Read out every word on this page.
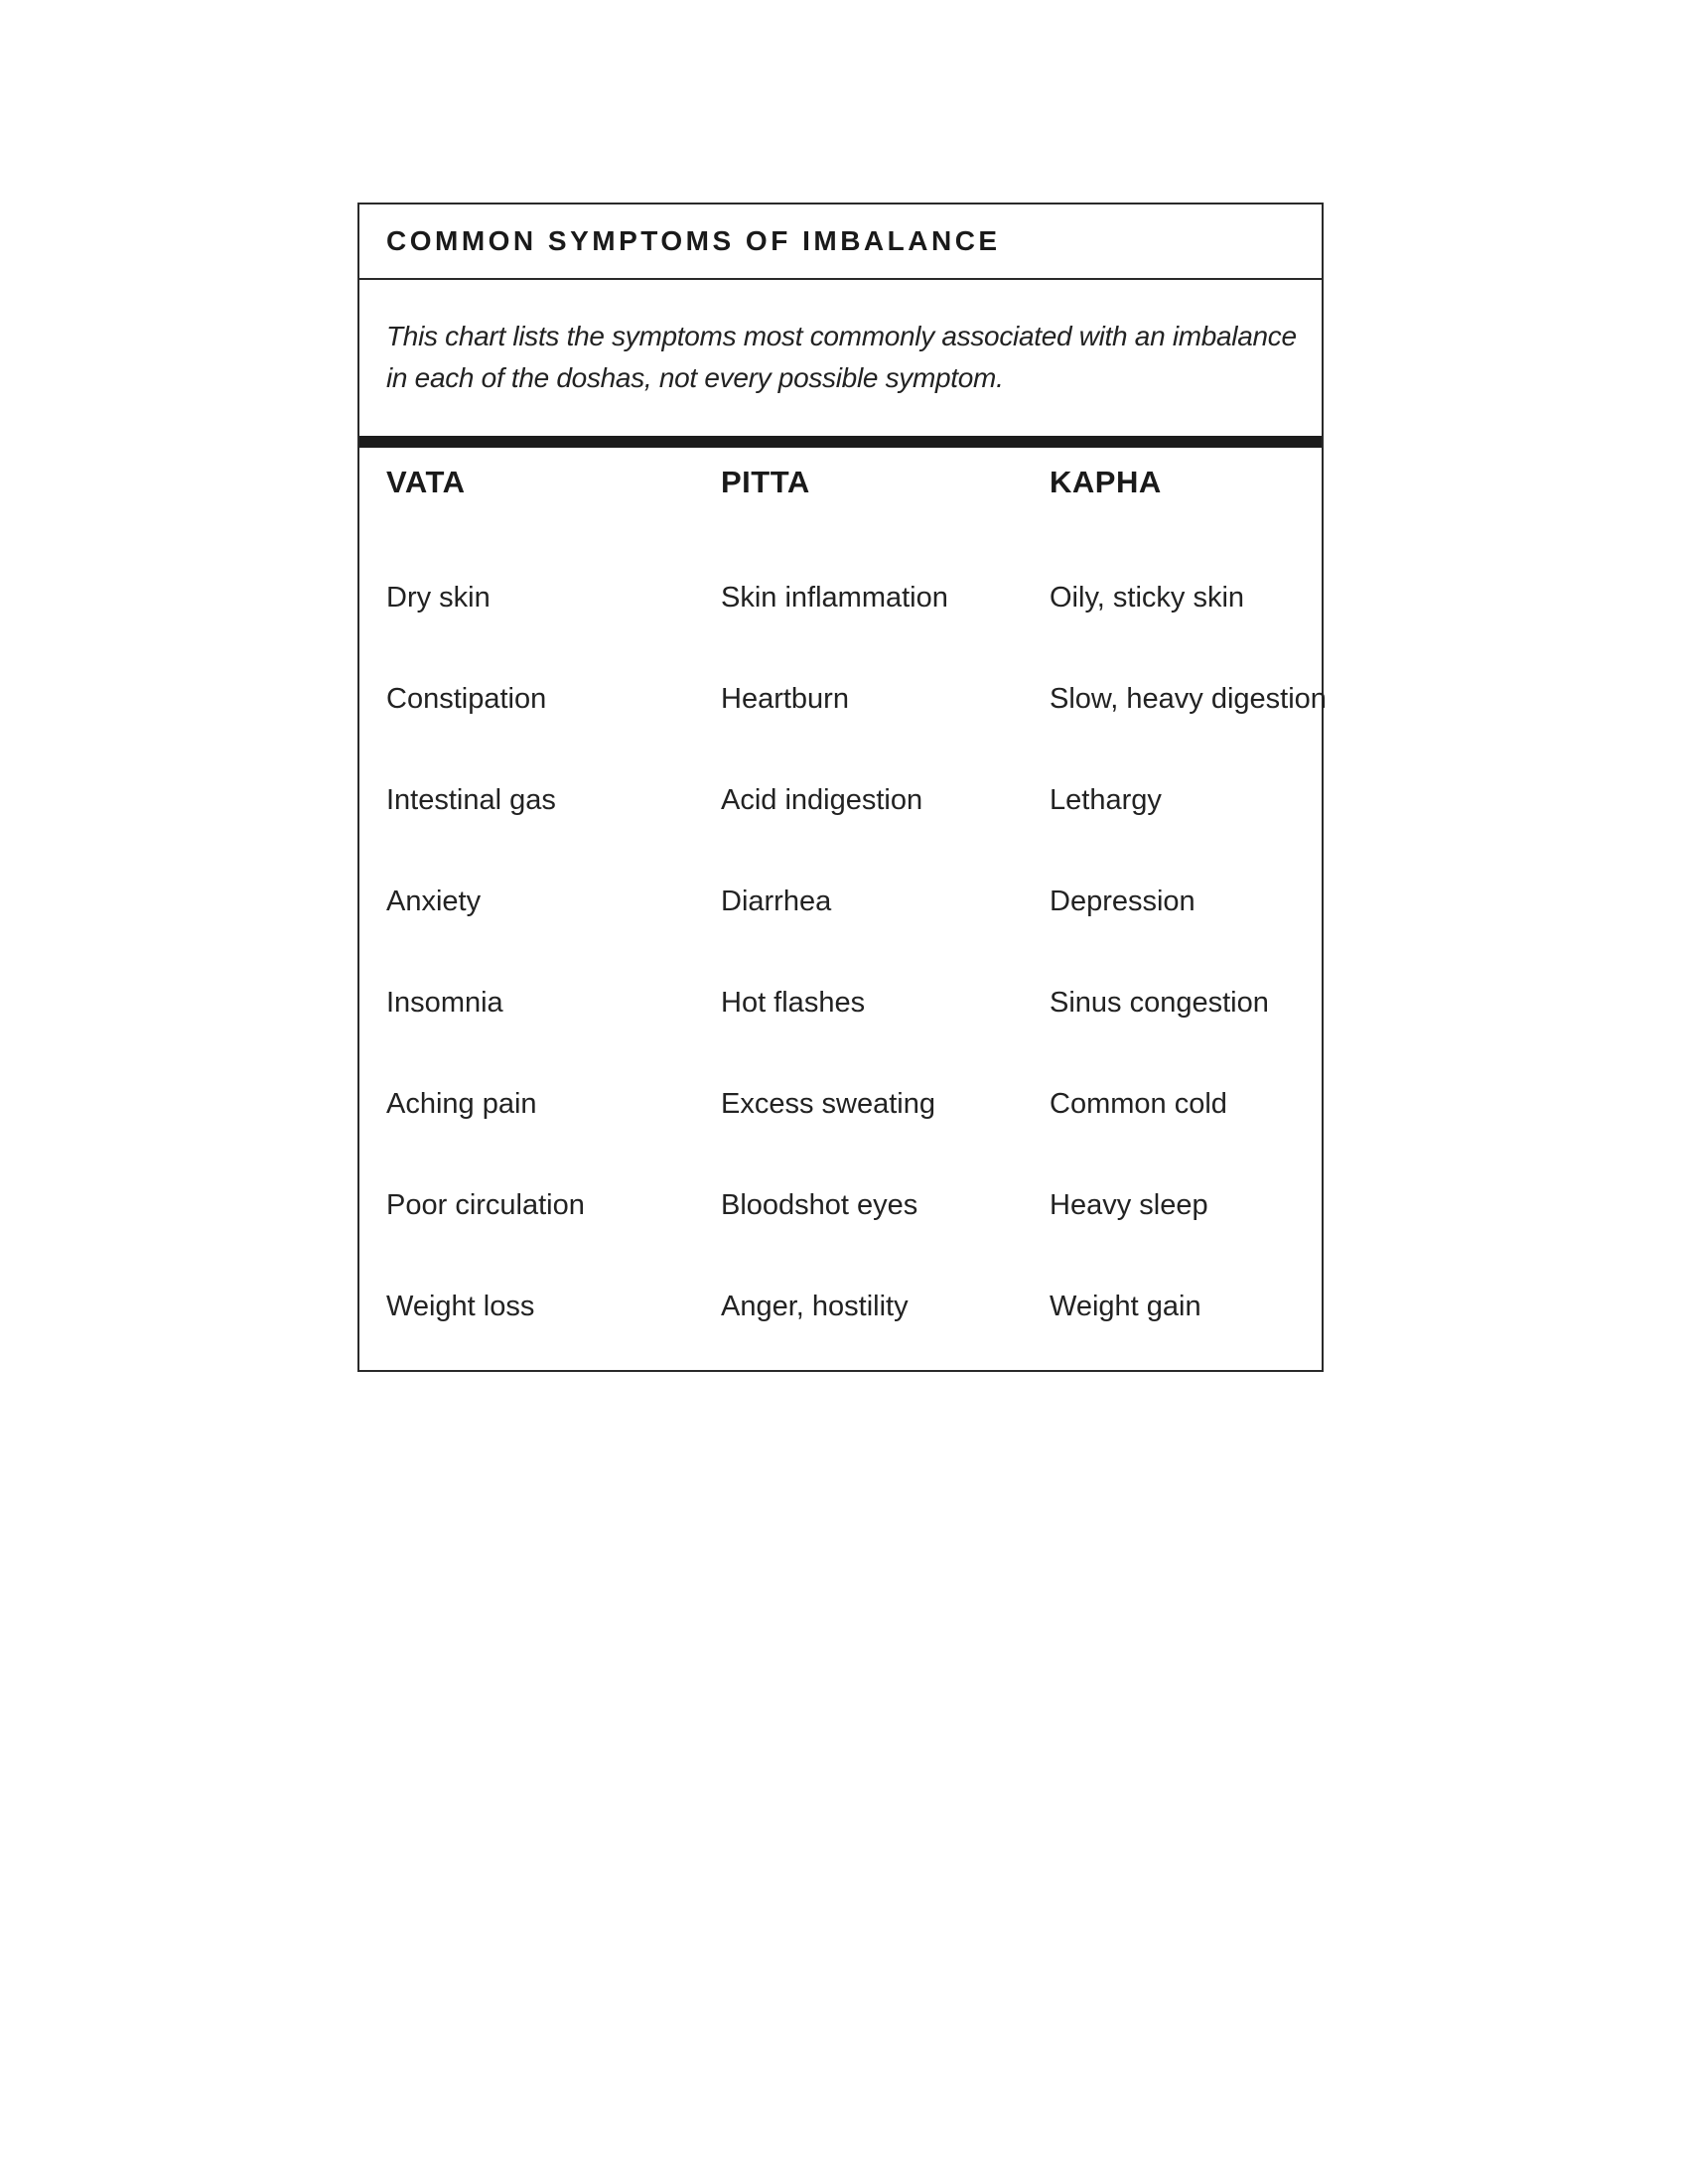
COMMON SYMPTOMS OF IMBALANCE
This chart lists the symptoms most commonly associated with an imbalance in each of the doshas, not every possible symptom.
VATA
Dry skin
Constipation
Intestinal gas
Anxiety
Insomnia
Aching pain
Poor circulation
Weight loss
PITTA
Skin inflammation
Heartburn
Acid indigestion
Diarrhea
Hot flashes
Excess sweating
Bloodshot eyes
Anger, hostility
KAPHA
Oily, sticky skin
Slow, heavy digestion
Lethargy
Depression
Sinus congestion
Common cold
Heavy sleep
Weight gain
